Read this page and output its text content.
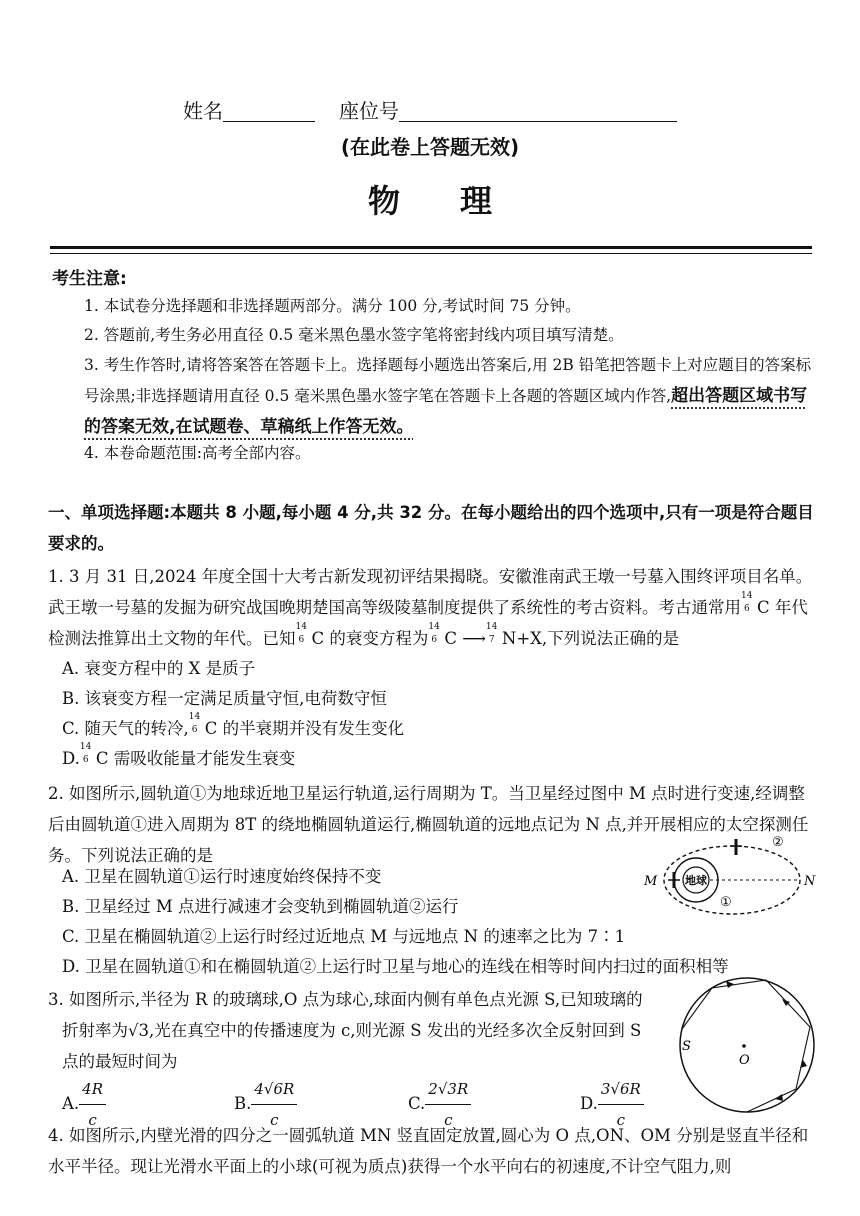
姓名	座位号
(在此卷上答题无效)
物理
考生注意:
1. 本试卷分选择题和非选择题两部分。满分 100 分,考试时间 75 分钟。
2. 答题前,考生务必用直径 0.5 毫米黑色墨水签字笔将密封线内项目填写清楚。
3. 考生作答时,请将答案答在答题卡上。选择题每小题选出答案后,用 2B 铅笔把答题卡上对应题目的答案标号涂黑;非选择题请用直径 0.5 毫米黑色墨水签字笔在答题卡上各题的答题区域内作答,超出答题区域书写的答案无效,在试题卷、草稿纸上作答无效。
4. 本卷命题范围:高考全部内容。
一、单项选择题:本题共 8 小题,每小题 4 分,共 32 分。在每小题给出的四个选项中,只有一项是符合题目要求的。
1. 3 月 31 日,2024 年度全国十大考古新发现初评结果揭晓。安徽淮南武王墩一号墓入围终评项目名单。武王墩一号墓的发掘为研究战国晚期楚国高等级陵墓制度提供了系统性的考古资料。考古通常用
14
6 C 年代检测法推算出土文物的年代。已知
14
6 C 的衰变方程为
14
6 C ⟶
14
7 N+X,下列说法正确的是
A. 衰变方程中的 X 是质子
B. 该衰变方程一定满足质量守恒,电荷数守恒
C. 随天气的转冷,
14
6 C 的半衰期并没有发生变化
D.
14
6 C 需吸收能量才能发生衰变
2. 如图所示,圆轨道①为地球近地卫星运行轨道,运行周期为 T。当卫星经过图中 M 点时进行变速,经调整后由圆轨道①进入周期为 8T 的绕地椭圆轨道运行,椭圆轨道的远地点记为 N 点,并开展相应的太空探测任务。下列说法正确的是
A. 卫星在圆轨道①运行时速度始终保持不变
B. 卫星经过 M 点进行减速才会变轨到椭圆轨道②运行
C. 卫星在椭圆轨道②上运行时经过近地点 M 与远地点 N 的速率之比为 7∶1
D. 卫星在圆轨道①和在椭圆轨道②上运行时卫星与地心的连线在相等时间内扫过的面积相等
地球
M	N
①
②
3. 如图所示,半径为 R 的玻璃球,O 点为球心,球面内侧有单色点光源 S,已知玻璃的
折射率为√3,光在真空中的传播速度为 c,则光源 S 发出的光经多次全反射回到 S
点的最短时间为
A. $\frac{4R}{c}$	B. $\frac{4√6R}{c}$	C. $\frac{2√3R}{c}$	D. $\frac{3√6R}{c}$
O
S
4. 如图所示,内壁光滑的四分之一圆弧轨道 MN 竖直固定放置,圆心为 O 点,ON、OM 分别是竖直半径和水平半径。现让光滑水平面上的小球(可视为质点)获得一个水平向右的初速度,不计空气阻力,则
